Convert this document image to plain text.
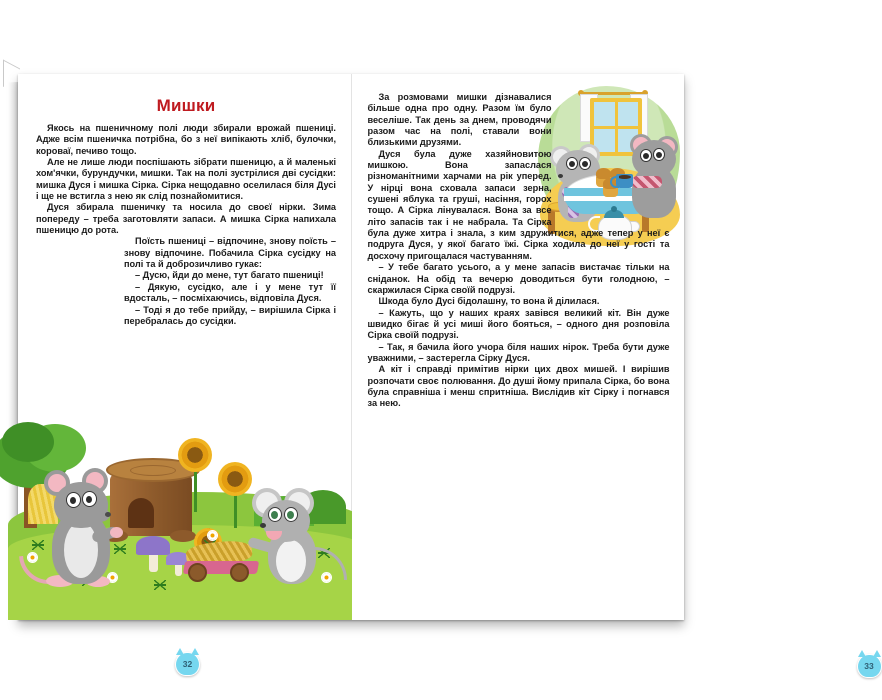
Мишки

Якось на пшеничному полі люди збирали врожай пшениці. Адже всім пшеничка потрібна, бо з неї випікають хліб, булочки, короваї, печиво тощо.

Але не лише люди поспішають зібрати пшеницю, а й маленькі хом'ячки, бурундучки, мишки. Так на полі зустрілися дві сусідки: мишка Дуся і мишка Сірка. Сірка нещодавно оселилася біля Дусі і ще не встигла з нею як слід познайомитися.

Дуся збирала пшеничку та носила до своєї нірки. Зима попереду – треба заготовляти запаси. А мишка Сірка напихала пшеницю до рота.

Поїсть пшениці – відпочине, знову поїсть – знову відпочине. Побачила Сірка сусідку на полі та й доброзичливо гукає:

– Дусю, йди до мене, тут багато пшениці!

– Дякую, сусідко, але і у мене тут її вдосталь, – посміхаючись, відповіла Дуся.

– Тоді я до тебе прийду, – вирішила Сірка і перебралась до сусідки.

32

За розмовами мишки дізнавалися більше одна про одну. Разом їм було веселіше. Так день за днем, проводячи разом час на полі, ставали вони близькими друзями.

Дуся була дуже хазяйновитою мишкою. Вона запаслася різноманітними харчами на рік уперед. У нірці вона сховала запаси зерна, сушені яблука та груші, насіння, горох тощо. А Сірка лінувалася. Вона за все літо запасів так і не набрала. Та Сірка була дуже хитра і знала, з ким здружитися, адже тепер у неї є подруга Дуся, у якої багато їжі. Сірка ходила до неї у гості та досхочу пригощалася частуванням.

– У тебе багато усього, а у мене запасів вистачає тільки на сніданок. На обід та вечерю доводиться бути голодною, – скаржилася Сірка своїй подрузі.

Шкода було Дусі бідолашну, то вона й ділилася.

– Кажуть, що у наших краях завівся великий кіт. Він дуже швидко бігає й усі миші його бояться, – одного дня розповіла Сірка своїй подрузі.

– Так, я бачила його учора біля наших нірок. Треба бути дуже уважними, – застерегла Сірку Дуся.

А кіт і справді примітив нірки цих двох мишей. І вирішив розпочати своє полювання. До душі йому припала Сірка, бо вона була справніша і менш спритніша. Вислідив кіт Сірку і погнався за нею.

33
